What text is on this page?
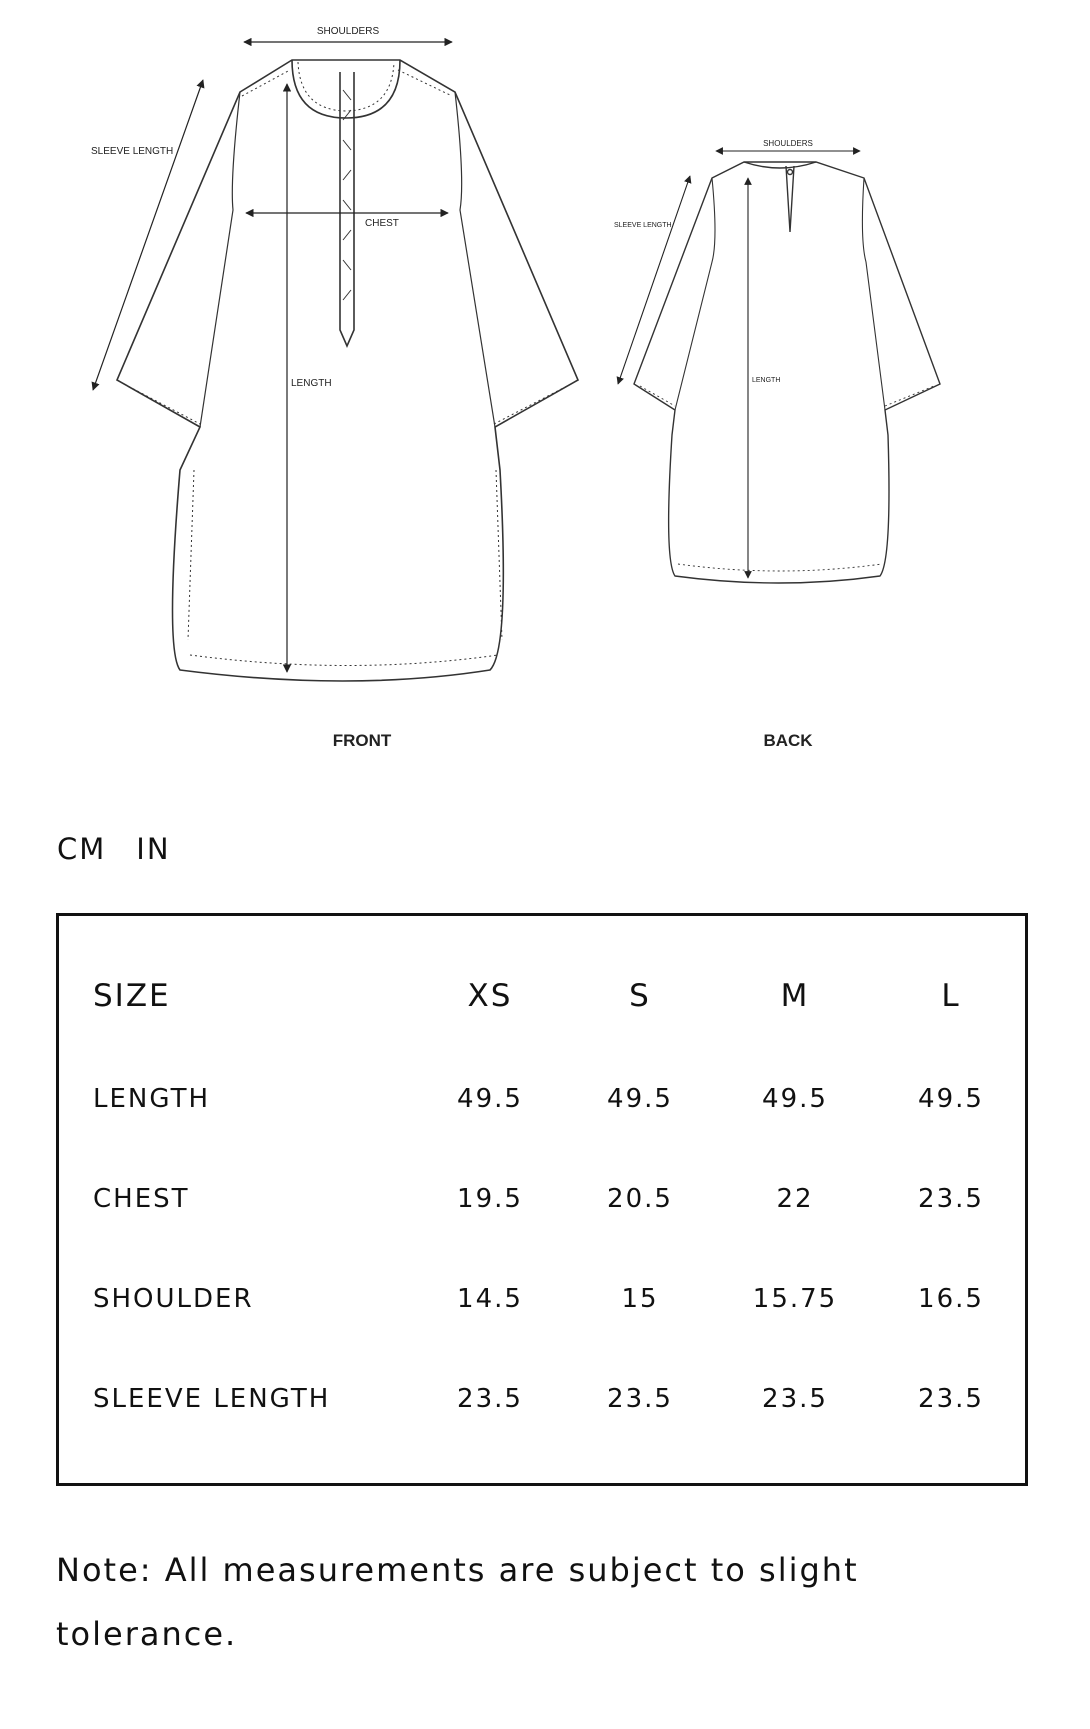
SHOULDERS
SLEEVE LENGTH
CHEST
LENGTH
FRONT
SHOULDERS
SLEEVE LENGTH
LENGTH
BACK
CM IN
SIZE	XS	S	M	L
LENGTH	49.5	49.5	49.5	49.5
CHEST	19.5	20.5	22	23.5
SHOULDER	14.5	15	15.75	16.5
SLEEVE LENGTH	23.5	23.5	23.5	23.5
Note: All measurements are subject to slight tolerance.
